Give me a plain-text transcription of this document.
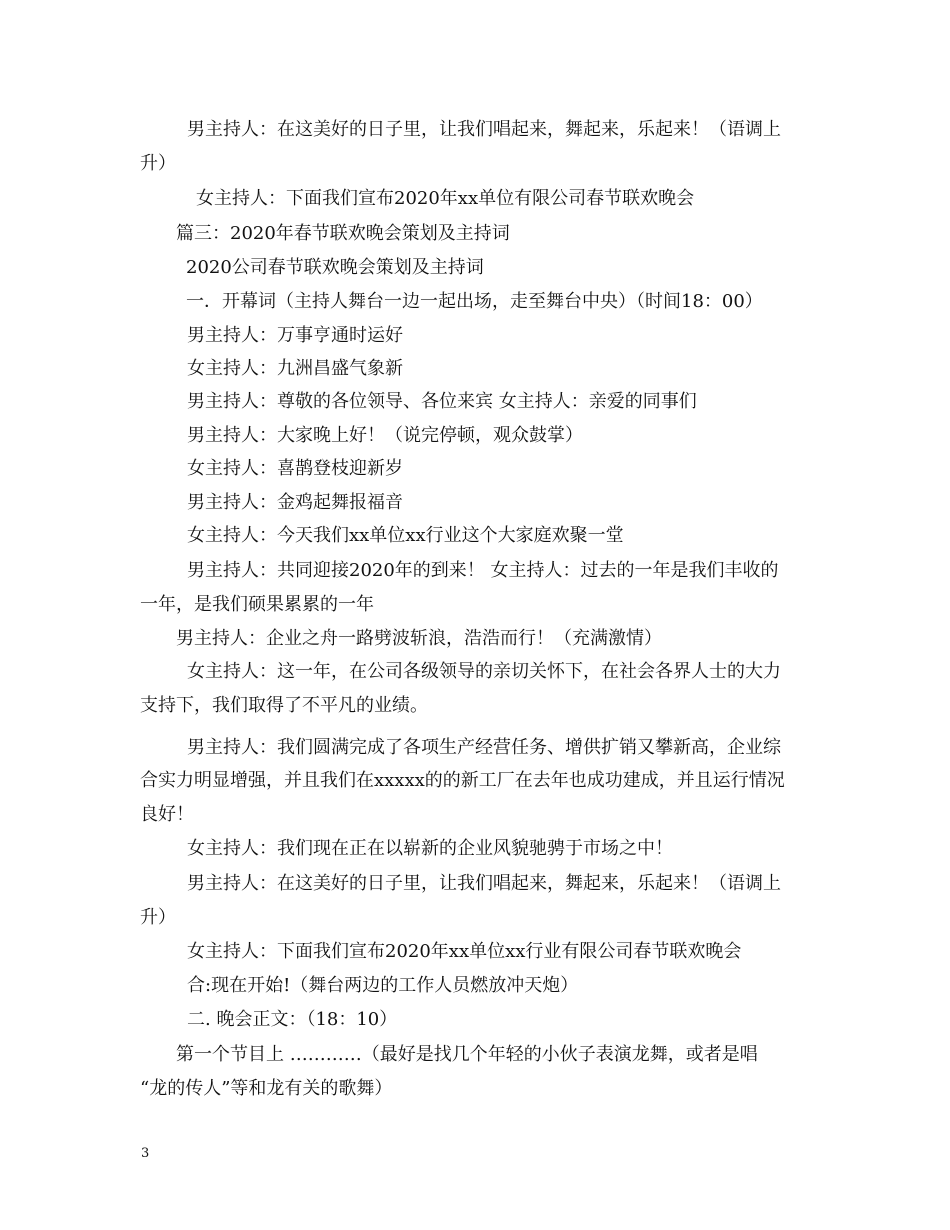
男主持人：在这美好的日子里，让我们唱起来，舞起来，乐起来！（语调上
升）
女主持人：下面我们宣布2020年xx单位有限公司春节联欢晚会
篇三：2020年春节联欢晚会策划及主持词
2020公司春节联欢晚会策划及主持词
一．开幕词（主持人舞台一边一起出场，走至舞台中央）（时间18：00）
男主持人：万事亨通时运好
女主持人：九洲昌盛气象新
男主持人：尊敬的各位领导、各位来宾 女主持人：亲爱的同事们
男主持人：大家晚上好！（说完停顿，观众鼓掌）
女主持人：喜鹊登枝迎新岁
男主持人：金鸡起舞报福音
女主持人：今天我们xx单位xx行业这个大家庭欢聚一堂
男主持人：共同迎接2020年的到来！ 女主持人：过去的一年是我们丰收的
一年，是我们硕果累累的一年
男主持人：企业之舟一路劈波斩浪，浩浩而行！（充满激情）
女主持人：这一年，在公司各级领导的亲切关怀下，在社会各界人士的大力
支持下，我们取得了不平凡的业绩。
男主持人：我们圆满完成了各项生产经营任务、增供扩销又攀新高，企业综
合实力明显增强，并且我们在xxxxx的的新工厂在去年也成功建成，并且运行情况
良好！
女主持人：我们现在正在以崭新的企业风貌驰骋于市场之中！
男主持人：在这美好的日子里，让我们唱起来，舞起来，乐起来！（语调上
升）
女主持人：下面我们宣布2020年xx单位xx行业有限公司春节联欢晚会
合:现在开始!（舞台两边的工作人员燃放冲天炮）
二. 晚会正文：（18：10）
第一个节目上 …………（最好是找几个年轻的小伙子表演龙舞，或者是唱
“龙的传人”等和龙有关的歌舞）
3
